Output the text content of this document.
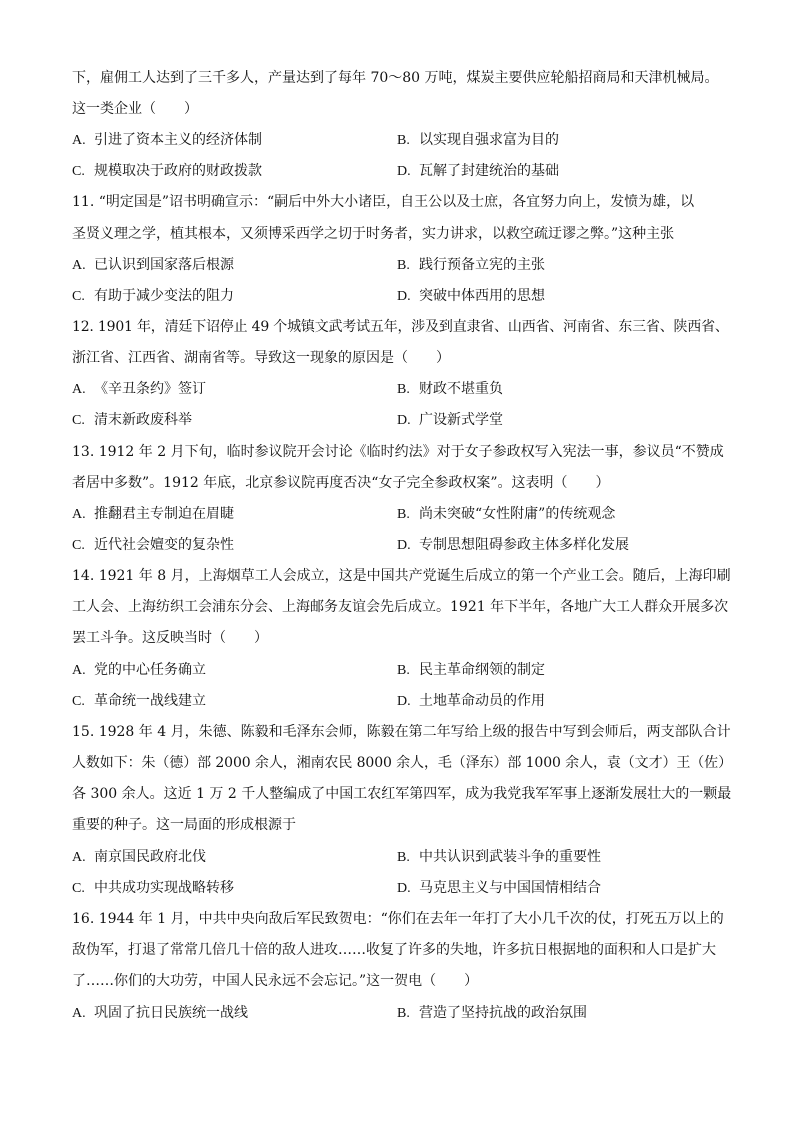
下，雇佣工人达到了三千多人，产量达到了每年 70～80 万吨，煤炭主要供应轮船招商局和天津机械局。
这一类企业（　　）
A. 引进了资本主义的经济体制	B. 以实现自强求富为目的
C. 规模取决于政府的财政拨款	D. 瓦解了封建统治的基础
11. “明定国是”诏书明确宣示：“嗣后中外大小诸臣，自王公以及士庶，各宜努力向上，发愤为雄，以
圣贤义理之学，植其根本，又须博采西学之切于时务者，实力讲求，以救空疏迂谬之弊。”这种主张
A. 已认识到国家落后根源	B. 践行预备立宪的主张
C. 有助于减少变法的阻力	D. 突破中体西用的思想
12. 1901 年，清廷下诏停止 49 个城镇文武考试五年，涉及到直隶省、山西省、河南省、东三省、陕西省、
浙江省、江西省、湖南省等。导致这一现象的原因是（　　）
A. 《辛丑条约》签订	B. 财政不堪重负
C. 清末新政废科举	D. 广设新式学堂
13. 1912 年 2 月下旬，临时参议院开会讨论《临时约法》对于女子参政权写入宪法一事，参议员“不赞成
者居中多数”。1912 年底，北京参议院再度否决“女子完全参政权案”。这表明（　　）
A. 推翻君主专制迫在眉睫	B. 尚未突破“女性附庸”的传统观念
C. 近代社会嬗变的复杂性	D. 专制思想阻碍参政主体多样化发展
14. 1921 年 8 月，上海烟草工人会成立，这是中国共产党诞生后成立的第一个产业工会。随后，上海印刷
工人会、上海纺织工会浦东分会、上海邮务友谊会先后成立。1921 年下半年，各地广大工人群众开展多次
罢工斗争。这反映当时（　　）
A. 党的中心任务确立	B. 民主革命纲领的制定
C. 革命统一战线建立	D. 土地革命动员的作用
15. 1928 年 4 月，朱德、陈毅和毛泽东会师，陈毅在第二年写给上级的报告中写到会师后，两支部队合计
人数如下：朱（德）部 2000 余人，湘南农民 8000 余人，毛（泽东）部 1000 余人，袁（文才）王（佐）
各 300 余人。这近 1 万 2 千人整编成了中国工农红军第四军，成为我党我军军事上逐渐发展壮大的一颗最
重要的种子。这一局面的形成根源于
A. 南京国民政府北伐	B. 中共认识到武装斗争的重要性
C. 中共成功实现战略转移	D. 马克思主义与中国国情相结合
16. 1944 年 1 月，中共中央向敌后军民致贺电：“你们在去年一年打了大小几千次的仗，打死五万以上的
敌伪军，打退了常常几倍几十倍的敌人进攻……收复了许多的失地，许多抗日根据地的面积和人口是扩大
了……你们的大功劳，中国人民永远不会忘记。”这一贺电（　　）
A. 巩固了抗日民族统一战线	B. 营造了坚持抗战的政治氛围
